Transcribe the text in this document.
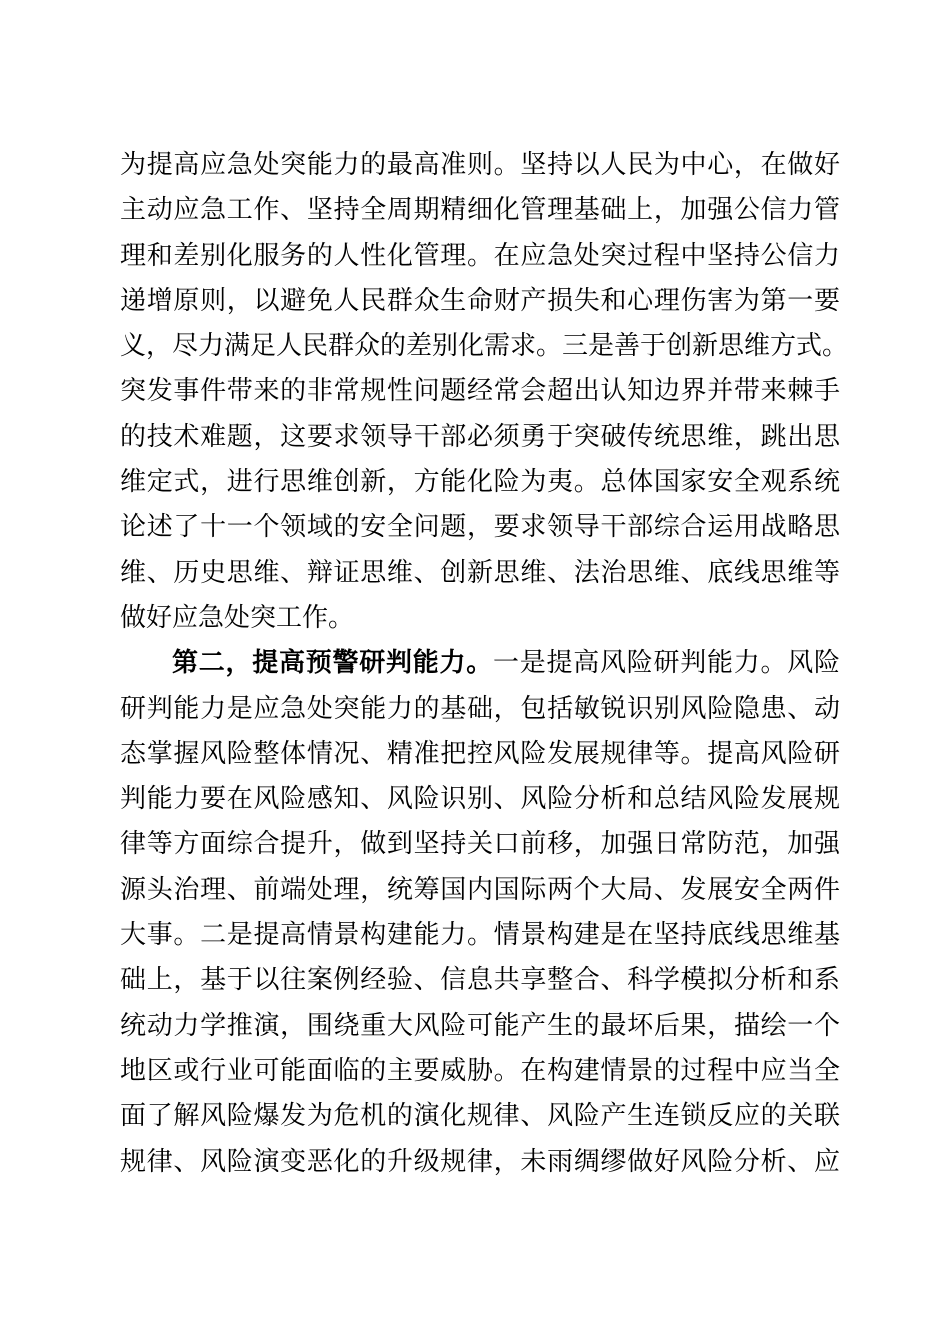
为提高应急处突能力的最高准则。坚持以人民为中心，在做好
主动应急工作、坚持全周期精细化管理基础上，加强公信力管
理和差别化服务的人性化管理。在应急处突过程中坚持公信力
递增原则，以避免人民群众生命财产损失和心理伤害为第一要
义，尽力满足人民群众的差别化需求。三是善于创新思维方式。
突发事件带来的非常规性问题经常会超出认知边界并带来棘手
的技术难题，这要求领导干部必须勇于突破传统思维，跳出思
维定式，进行思维创新，方能化险为夷。总体国家安全观系统
论述了十一个领域的安全问题，要求领导干部综合运用战略思
维、历史思维、辩证思维、创新思维、法治思维、底线思维等
做好应急处突工作。
第二，提高预警研判能力。一是提高风险研判能力。风险
研判能力是应急处突能力的基础，包括敏锐识别风险隐患、动
态掌握风险整体情况、精准把控风险发展规律等。提高风险研
判能力要在风险感知、风险识别、风险分析和总结风险发展规
律等方面综合提升，做到坚持关口前移，加强日常防范，加强
源头治理、前端处理，统筹国内国际两个大局、发展安全两件
大事。二是提高情景构建能力。情景构建是在坚持底线思维基
础上，基于以往案例经验、信息共享整合、科学模拟分析和系
统动力学推演，围绕重大风险可能产生的最坏后果，描绘一个
地区或行业可能面临的主要威胁。在构建情景的过程中应当全
面了解风险爆发为危机的演化规律、风险产生连锁反应的关联
规律、风险演变恶化的升级规律，未雨绸缪做好风险分析、应
